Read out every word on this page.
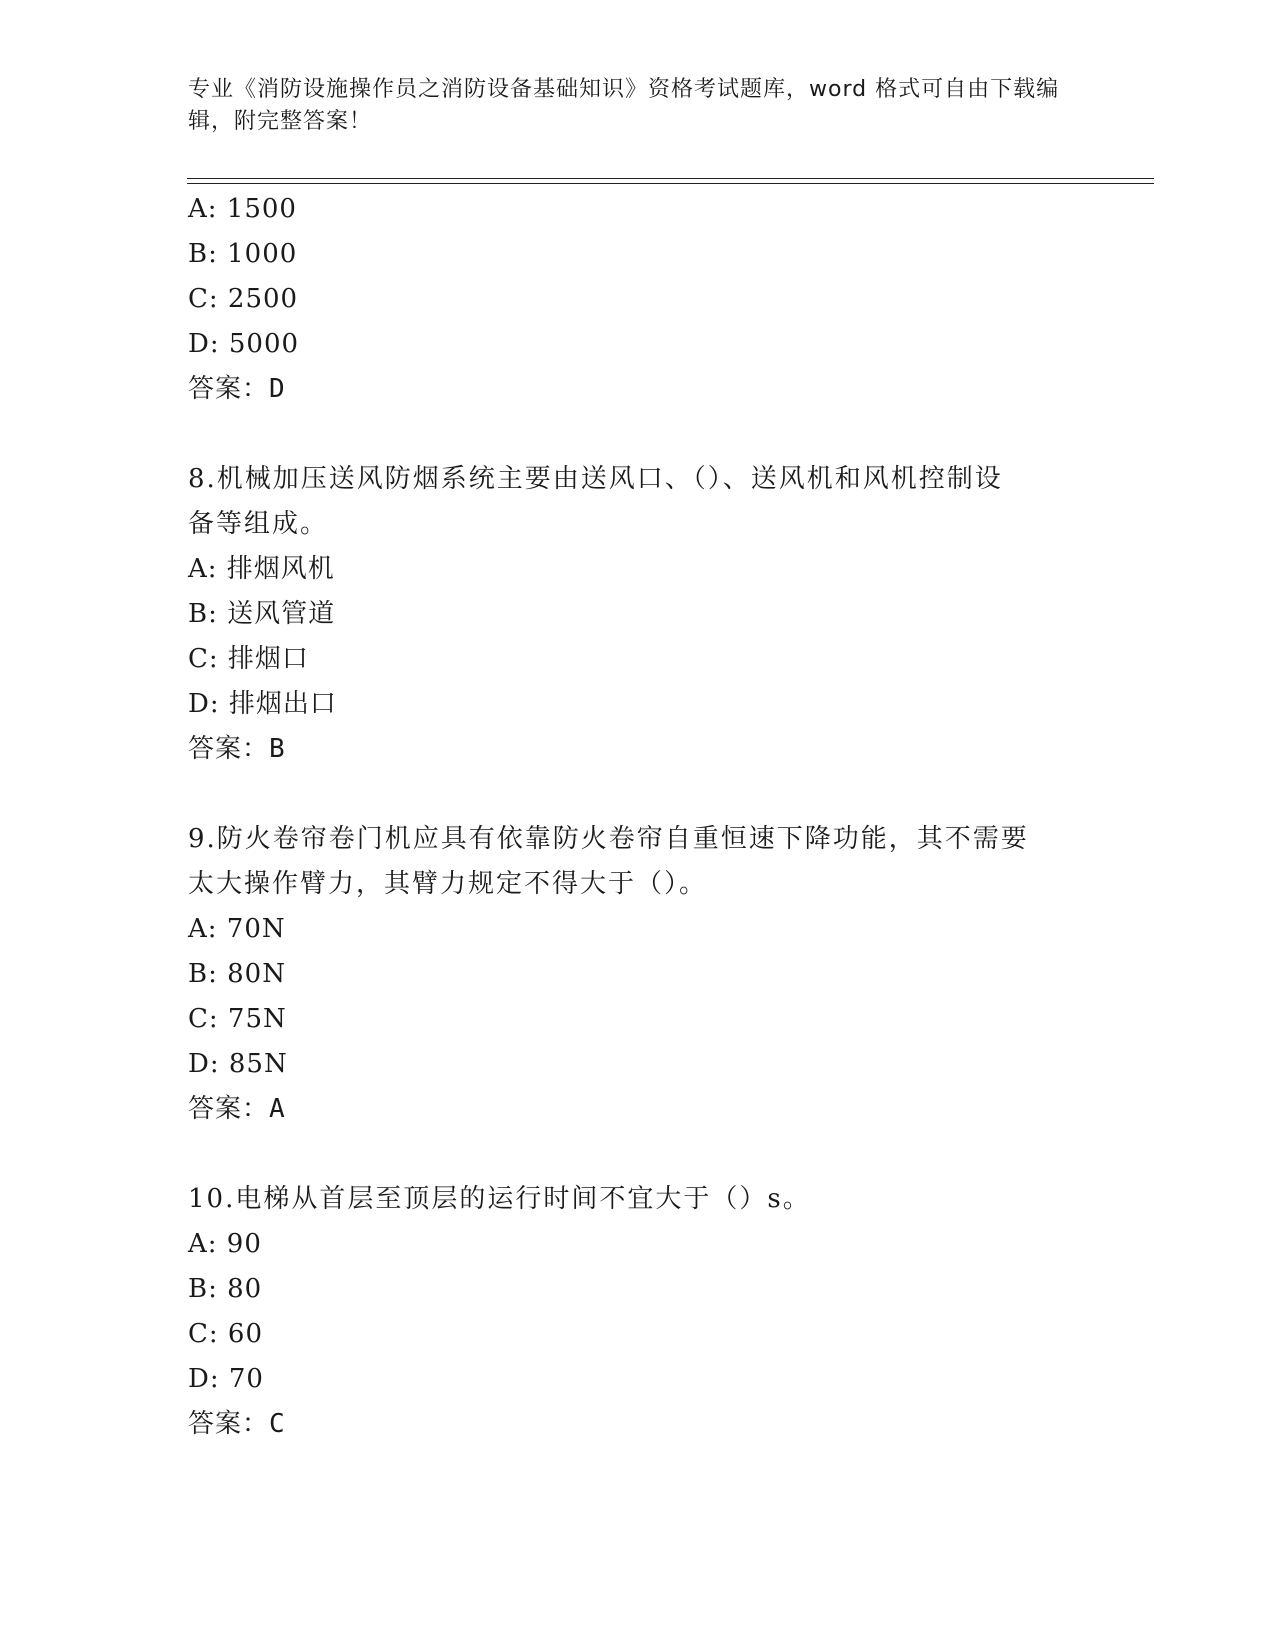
专业《消防设施操作员之消防设备基础知识》资格考试题库，word 格式可自由下载编辑，附完整答案！
A: 1500
B: 1000
C: 2500
D: 5000
答案：D
8.机械加压送风防烟系统主要由送风口、（）、送风机和风机控制设
备等组成。
A: 排烟风机
B: 送风管道
C: 排烟口
D: 排烟出口
答案：B
9.防火卷帘卷门机应具有依靠防火卷帘自重恒速下降功能，其不需要
太大操作臂力，其臂力规定不得大于（）。
A: 70N
B: 80N
C: 75N
D: 85N
答案：A
10.电梯从首层至顶层的运行时间不宜大于（）s。
A: 90
B: 80
C: 60
D: 70
答案：C
